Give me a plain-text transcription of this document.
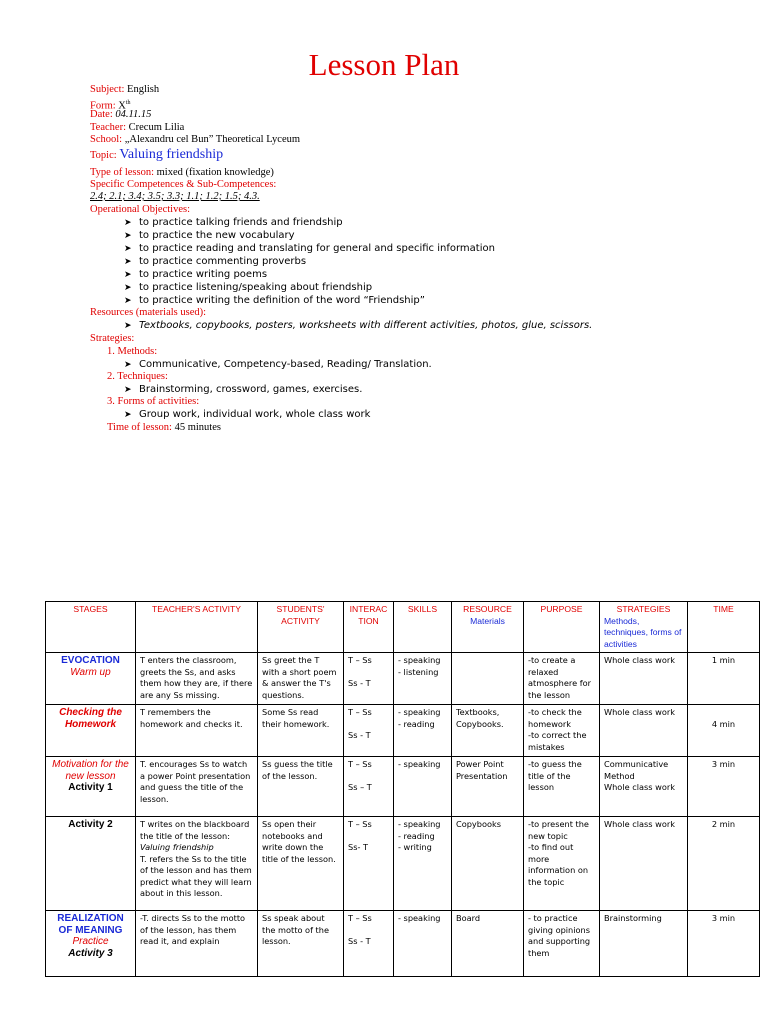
Lesson Plan
Subject: English
Form: Xth
Date: 04.11.15
Teacher: Crecum Lilia
School: „Alexandru cel Bun” Theoretical Lyceum
Topic: Valuing friendship
Type of lesson: mixed (fixation knowledge)
Specific Competences & Sub-Competences:
2.4; 2.1; 3.4; 3.5; 3.3; 1.1; 1.2; 1.5; 4.3.
Operational Objectives:
➤ to practice talking friends and friendship
➤ to practice the new vocabulary
➤ to practice reading and translating for general and specific information
➤ to practice commenting proverbs
➤ to practice writing poems
➤ to practice listening/speaking about friendship
➤ to practice writing the definition of the word “Friendship”
Resources (materials used):
➤ Textbooks, copybooks, posters, worksheets with different activities, photos, glue, scissors.
Strategies:
1. Methods:
➤ Communicative, Competency-based, Reading/ Translation.
2. Techniques:
➤ Brainstorming, crossword, games, exercises.
3. Forms of activities:
➤ Group work, individual work, whole class work
Time of lesson: 45 minutes
STAGES	TEACHER'S ACTIVITY	STUDENTS' ACTIVITY	INTERAC TION	SKILLS	RESOURCE
Materials	PURPOSE	STRATEGIES
Methods, techniques, forms of activities	TIME

EVOCATION
Warm up	T enters the classroom, greets the Ss, and asks them how they are, if there are any Ss missing.	Ss greet the T with a short poem & answer the T's questions.	T – Ss
Ss - T	- speaking
- listening		-to create a relaxed atmosphere for the lesson	Whole class work	1 min

Checking the Homework	T remembers the homework and checks it.	Some Ss read their homework.	T – Ss
Ss - T	- speaking
- reading	Textbooks, Copybooks.	-to check the homework
-to correct the mistakes	Whole class work	4 min

Motivation for the new lesson
Activity 1	T. encourages Ss to watch a power Point presentation and guess the title of the lesson.	Ss guess the title of the lesson.	T – Ss
Ss – T	- speaking	Power Point Presentation	-to guess the title of the lesson	Communicative Method
Whole class work	3 min

Activity 2	T writes on the blackboard the title of the lesson: Valuing friendship
T. refers the Ss to the title of the lesson and has them predict what they will learn about in this lesson.	Ss open their notebooks and write down the title of the lesson.	T – Ss
Ss- T	- speaking
- reading
- writing	Copybooks	-to present the new topic
-to find out more information on the topic	Whole class work	2 min

REALIZATION OF MEANING
Practice
Activity 3	-T. directs Ss to the motto of the lesson, has them read it, and explain	Ss speak about the motto of the lesson.	T – Ss
Ss - T	- speaking	Board	- to practice giving opinions and supporting them	Brainstorming	3 min
